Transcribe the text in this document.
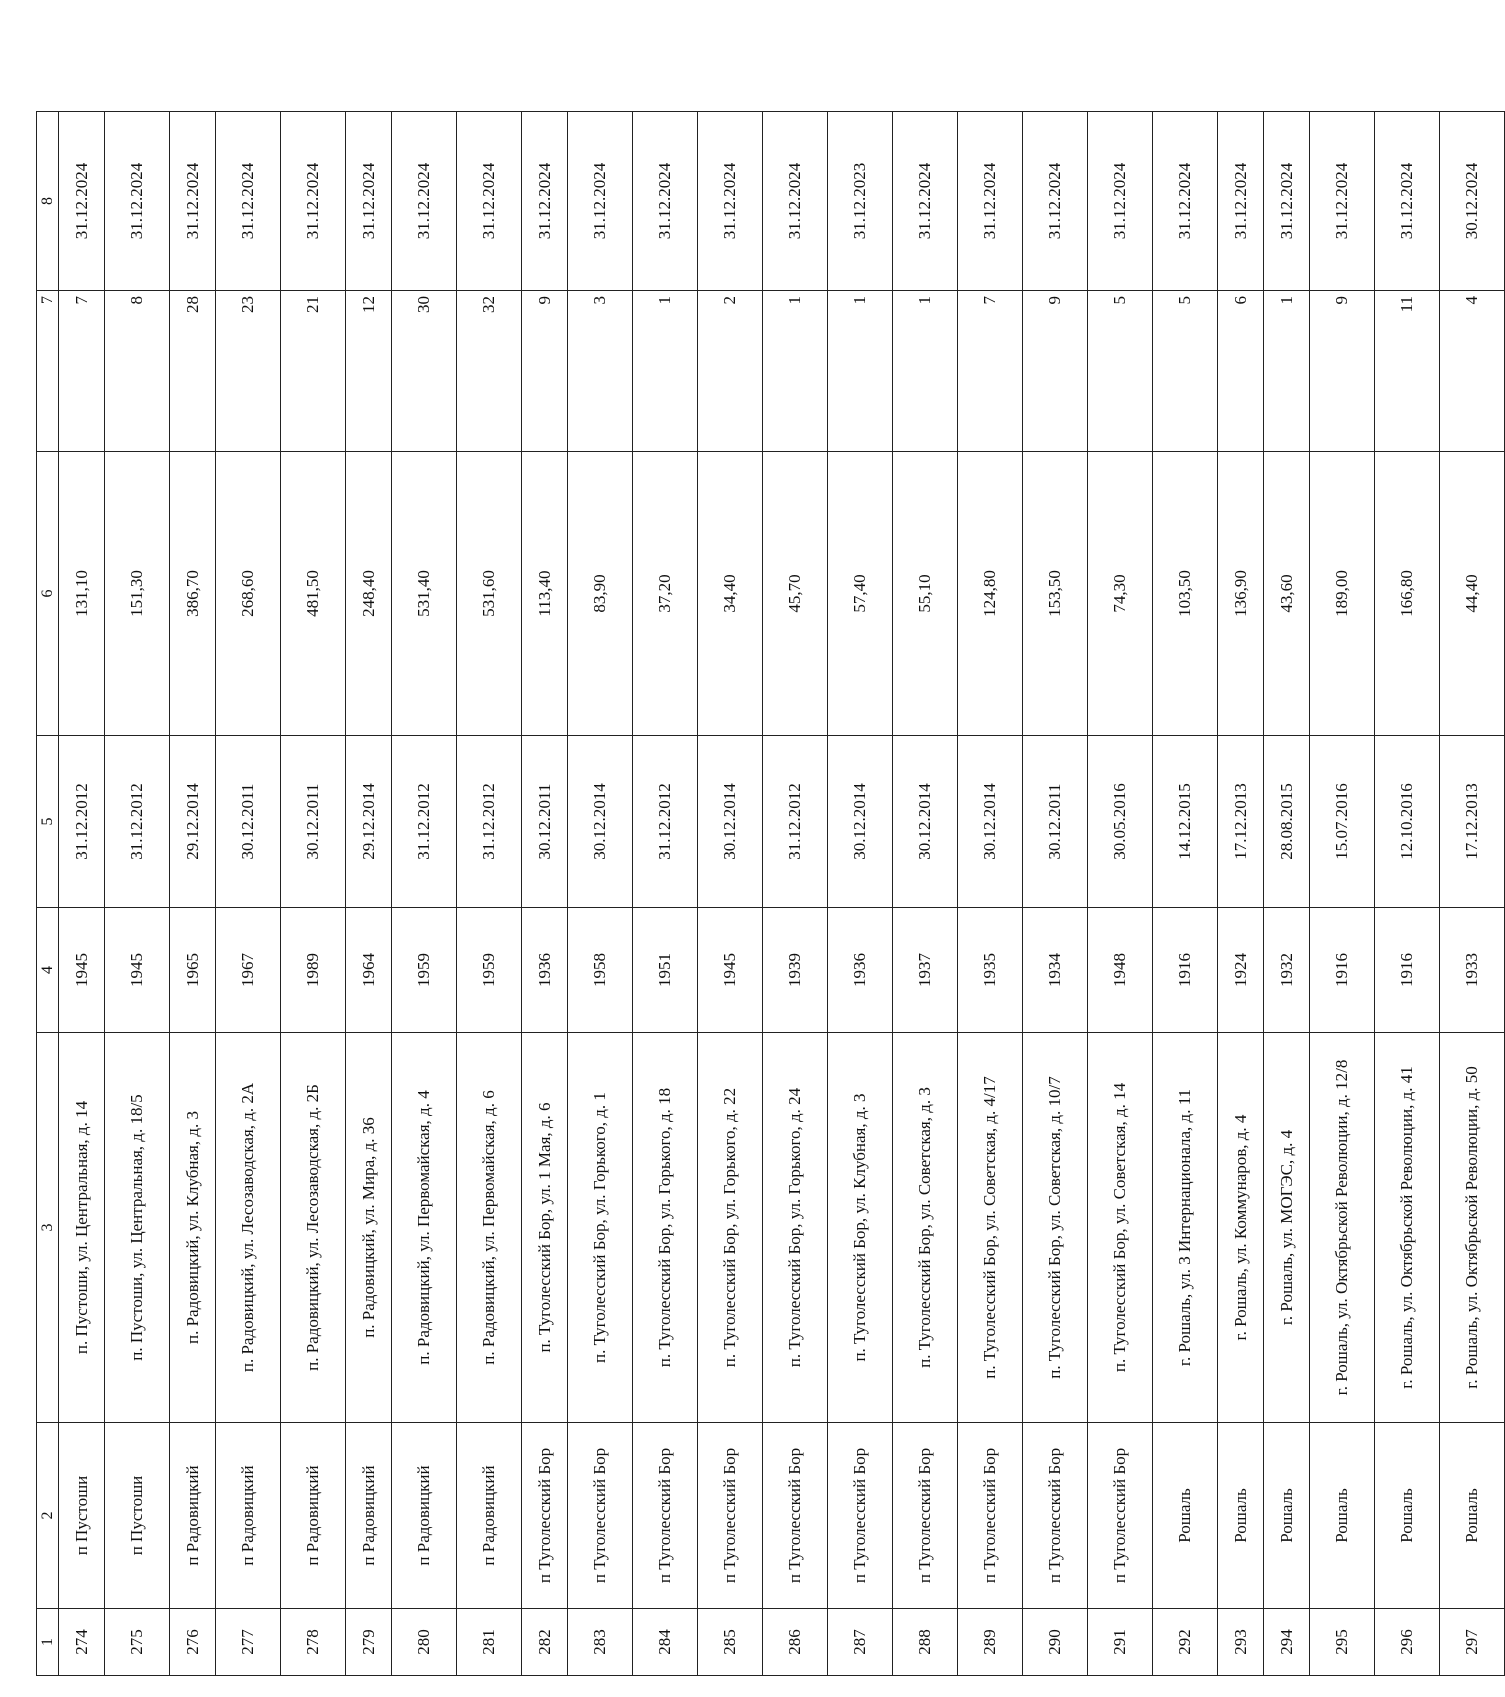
1	2	3	4	5	6	7	8
274	п Пустоши	п. Пустоши, ул. Центральная, д. 14	1945	31.12.2012	131,10	7	31.12.2024
275	п Пустоши	п. Пустоши, ул. Центральная, д. 18/5	1945	31.12.2012	151,30	8	31.12.2024
276	п Радовицкий	п. Радовицкий, ул. Клубная, д. 3	1965	29.12.2014	386,70	28	31.12.2024
277	п Радовицкий	п. Радовицкий, ул. Лесозаводская, д. 2А	1967	30.12.2011	268,60	23	31.12.2024
278	п Радовицкий	п. Радовицкий, ул. Лесозаводская, д. 2Б	1989	30.12.2011	481,50	21	31.12.2024
279	п Радовицкий	п. Радовицкий, ул. Мира, д. 36	1964	29.12.2014	248,40	12	31.12.2024
280	п Радовицкий	п. Радовицкий, ул. Первомайская, д. 4	1959	31.12.2012	531,40	30	31.12.2024
281	п Радовицкий	п. Радовицкий, ул. Первомайская, д. 6	1959	31.12.2012	531,60	32	31.12.2024
282	п Туголесский Бор	п. Туголесский Бор, ул. 1 Мая, д. 6	1936	30.12.2011	113,40	9	31.12.2024
283	п Туголесский Бор	п. Туголесский Бор, ул. Горького, д. 1	1958	30.12.2014	83,90	3	31.12.2024
284	п Туголесский Бор	п. Туголесский Бор, ул. Горького, д. 18	1951	31.12.2012	37,20	1	31.12.2024
285	п Туголесский Бор	п. Туголесский Бор, ул. Горького, д. 22	1945	30.12.2014	34,40	2	31.12.2024
286	п Туголесский Бор	п. Туголесский Бор, ул. Горького, д. 24	1939	31.12.2012	45,70	1	31.12.2024
287	п Туголесский Бор	п. Туголесский Бор, ул. Клубная, д. 3	1936	30.12.2014	57,40	1	31.12.2023
288	п Туголесский Бор	п. Туголесский Бор, ул. Советская, д. 3	1937	30.12.2014	55,10	1	31.12.2024
289	п Туголесский Бор	п. Туголесский Бор, ул. Советская, д. 4/17	1935	30.12.2014	124,80	7	31.12.2024
290	п Туголесский Бор	п. Туголесский Бор, ул. Советская, д. 10/7	1934	30.12.2011	153,50	9	31.12.2024
291	п Туголесский Бор	п. Туголесский Бор, ул. Советская, д. 14	1948	30.05.2016	74,30	5	31.12.2024
292	Рошаль	г. Рошаль, ул. 3 Интернационала, д. 11	1916	14.12.2015	103,50	5	31.12.2024
293	Рошаль	г. Рошаль, ул. Коммунаров, д. 4	1924	17.12.2013	136,90	6	31.12.2024
294	Рошаль	г. Рошаль, ул. МОГЭС, д. 4	1932	28.08.2015	43,60	1	31.12.2024
295	Рошаль	г. Рошаль, ул. Октябрьской Революции, д. 12/8	1916	15.07.2016	189,00	9	31.12.2024
296	Рошаль	г. Рошаль, ул. Октябрьской Революции, д. 41	1916	12.10.2016	166,80	11	31.12.2024
297	Рошаль	г. Рошаль, ул. Октябрьской Революции, д. 50	1933	17.12.2013	44,40	4	30.12.2024
